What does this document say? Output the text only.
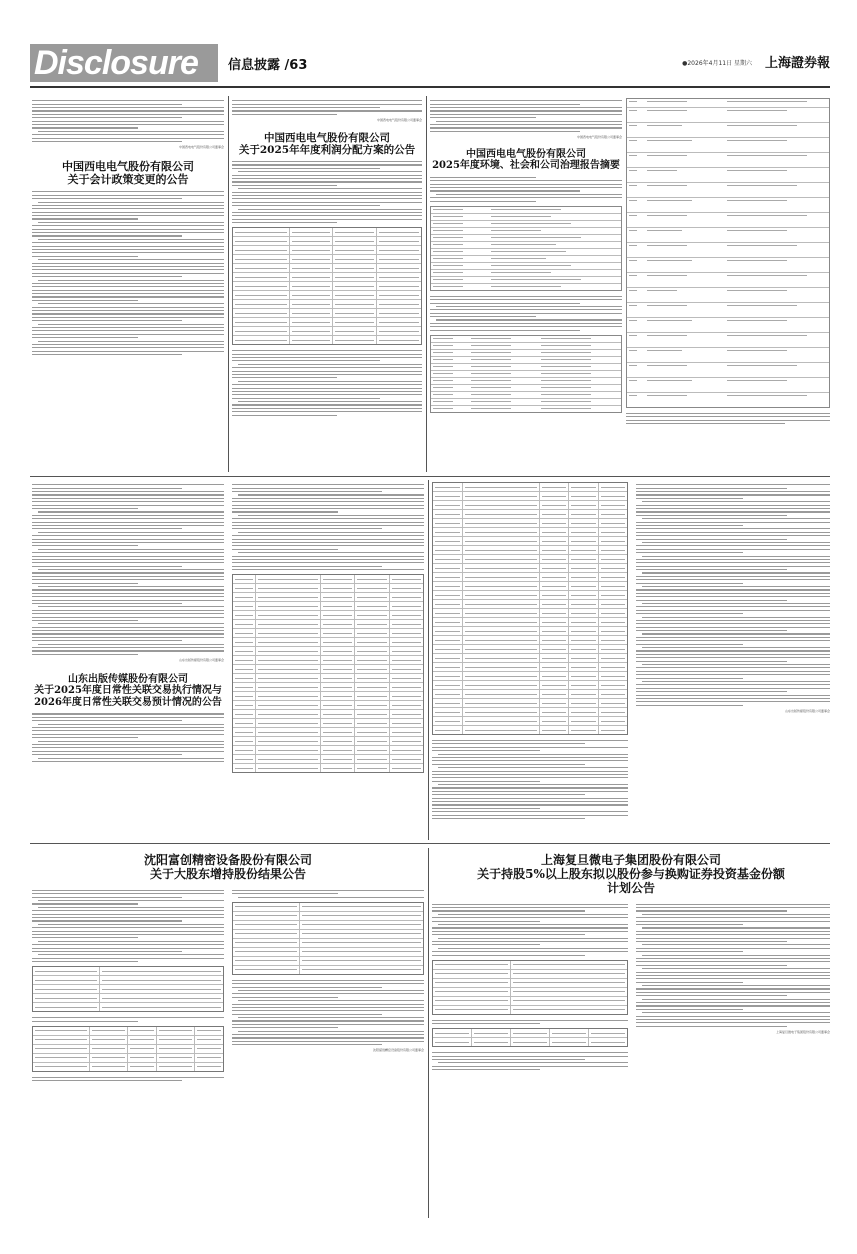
Disclosure	信息披露 /63	●2026年4月11日 星期六 上海證券報
中国西电电气股份有限公司董事会
中国西电电气股份有限公司
关于会计政策变更的公告
中国西电电气股份有限公司董事会
中国西电电气股份有限公司
关于2025年年度利润分配方案的公告
中国西电电气股份有限公司董事会
中国西电电气股份有限公司
2025年度环境、社会和公司治理报告摘要
山东出版传媒股份有限公司董事会
山东出版传媒股份有限公司
关于2025年度日常性关联交易执行情况与
2026年度日常性关联交易预计情况的公告
山东出版传媒股份有限公司董事会
沈阳富创精密设备股份有限公司
关于大股东增持股份结果公告
沈阳富创精密设备股份有限公司董事会
上海复旦微电子集团股份有限公司
关于持股5%以上股东拟以股份参与换购证券投资基金份额
计划公告
上海复旦微电子集团股份有限公司董事会
